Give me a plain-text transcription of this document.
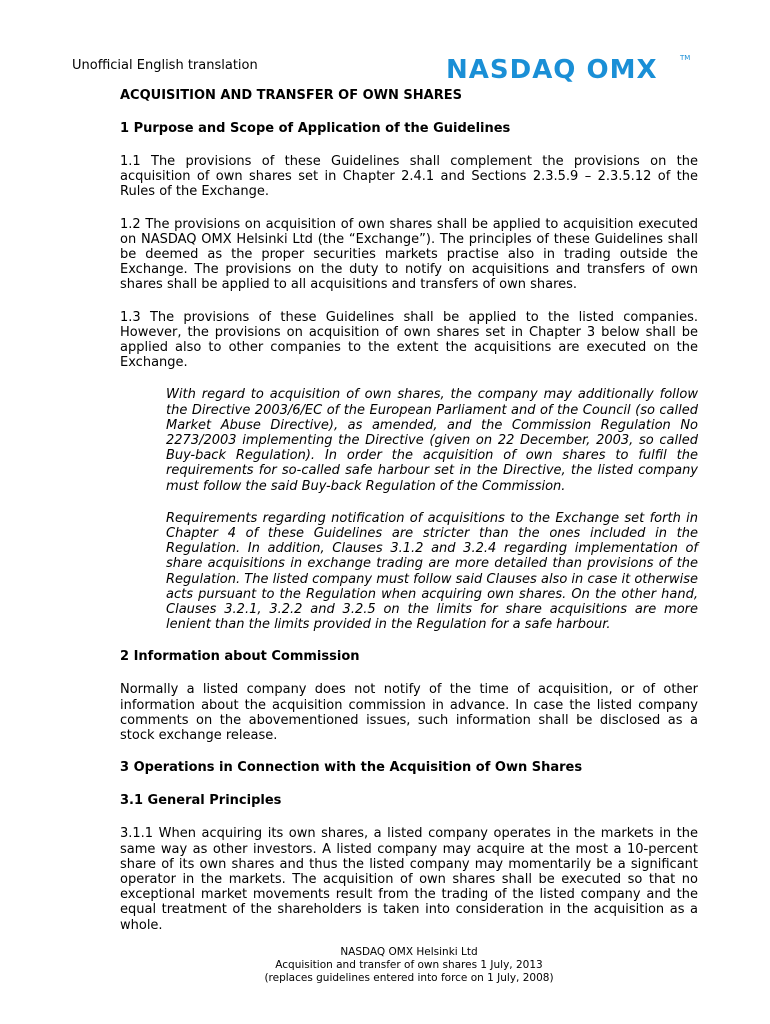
Unofficial English translation	NASDAQ OMX	TM
ACQUISITION AND TRANSFER OF OWN SHARES
1 Purpose and Scope of Application of the Guidelines

1.1 The provisions of these Guidelines shall complement the provisions on the acquisition of own shares set in Chapter 2.4.1 and Sections 2.3.5.9 – 2.3.5.12 of the Rules of the Exchange.

1.2 The provisions on acquisition of own shares shall be applied to acquisition executed on NASDAQ OMX Helsinki Ltd (the “Exchange”). The principles of these Guidelines shall be deemed as the proper securities markets practise also in trading outside the Exchange. The provisions on the duty to notify on acquisitions and transfers of own shares shall be applied to all acquisitions and transfers of own shares.

1.3 The provisions of these Guidelines shall be applied to the listed companies. However, the provisions on acquisition of own shares set in Chapter 3 below shall be applied also to other companies to the extent the acquisitions are executed on the Exchange.

With regard to acquisition of own shares, the company may additionally follow the Directive 2003/6/EC of the European Parliament and of the Council (so called Market Abuse Directive), as amended, and the Commission Regulation No 2273/2003 implementing the Directive (given on 22 December, 2003, so called Buy-back Regulation). In order the acquisition of own shares to fulfil the requirements for so-called safe harbour set in the Directive, the listed company must follow the said Buy-back Regulation of the Commission.

Requirements regarding notification of acquisitions to the Exchange set forth in Chapter 4 of these Guidelines are stricter than the ones included in the Regulation. In addition, Clauses 3.1.2 and 3.2.4 regarding implementation of share acquisitions in exchange trading are more detailed than provisions of the Regulation. The listed company must follow said Clauses also in case it otherwise acts pursuant to the Regulation when acquiring own shares. On the other hand, Clauses 3.2.1, 3.2.2 and 3.2.5 on the limits for share acquisitions are more lenient than the limits provided in the Regulation for a safe harbour.

2 Information about Commission

Normally a listed company does not notify of the time of acquisition, or of other information about the acquisition commission in advance. In case the listed company comments on the abovementioned issues, such information shall be disclosed as a stock exchange release.

3 Operations in Connection with the Acquisition of Own Shares
3.1 General Principles

3.1.1 When acquiring its own shares, a listed company operates in the markets in the same way as other investors. A listed company may acquire at the most a 10-percent share of its own shares and thus the listed company may momentarily be a significant operator in the markets. The acquisition of own shares shall be executed so that no exceptional market movements result from the trading of the listed company and the equal treatment of the shareholders is taken into consideration in the acquisition as a whole.

NASDAQ OMX Helsinki Ltd
Acquisition and transfer of own shares 1 July, 2013
(replaces guidelines entered into force on 1 July, 2008)
